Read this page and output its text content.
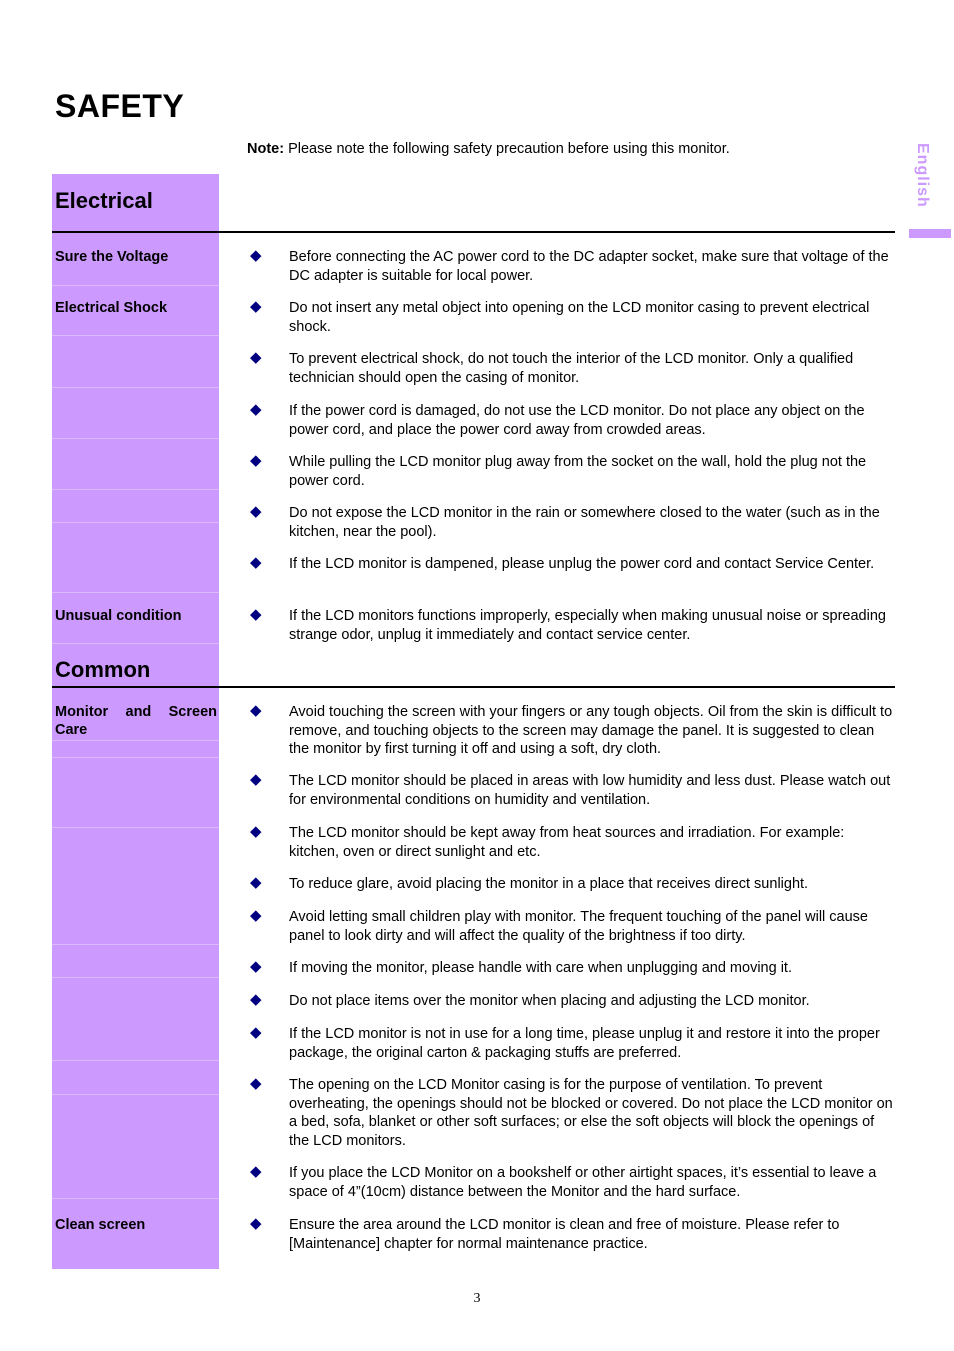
SAFETY
Note: Please note the following safety precaution before using this monitor.
Electrical
Common
Sure the Voltage
Electrical Shock
Unusual condition
Monitor and Screen Care
Clean screen
◆ Before connecting the AC power cord to the DC adapter socket, make sure that voltage of the DC adapter is suitable for local power.
◆ Do not insert any metal object into opening on the LCD monitor casing to prevent electrical shock.
◆ To prevent electrical shock, do not touch the interior of the LCD monitor. Only a qualified technician should open the casing of monitor.
◆ If the power cord is damaged, do not use the LCD monitor. Do not place any object on the power cord, and place the power cord away from crowded areas.
◆ While pulling the LCD monitor plug away from the socket on the wall, hold the plug not the power cord.
◆ Do not expose the LCD monitor in the rain or somewhere closed to the water (such as in the kitchen, near the pool).
◆ If the LCD monitor is dampened, please unplug the power cord and contact Service Center.
◆ If the LCD monitors functions improperly, especially when making unusual noise or spreading strange odor, unplug it immediately and contact service center.
◆ Avoid touching the screen with your fingers or any tough objects. Oil from the skin is difficult to remove, and touching objects to the screen may damage the panel. It is suggested to clean the monitor by first turning it off and using a soft, dry cloth.
◆ The LCD monitor should be placed in areas with low humidity and less dust. Please watch out for environmental conditions on humidity and ventilation.
◆ The LCD monitor should be kept away from heat sources and irradiation. For example: kitchen, oven or direct sunlight and etc.
◆ To reduce glare, avoid placing the monitor in a place that receives direct sunlight.
◆ Avoid letting small children play with monitor. The frequent touching of the panel will cause panel to look dirty and will affect the quality of the brightness if too dirty.
◆ If moving the monitor, please handle with care when unplugging and moving it.
◆ Do not place items over the monitor when placing and adjusting the LCD monitor.
◆ If the LCD monitor is not in use for a long time, please unplug it and restore it into the proper package, the original carton & packaging stuffs are preferred.
◆ The opening on the LCD Monitor casing is for the purpose of ventilation. To prevent overheating, the openings should not be blocked or covered. Do not place the LCD monitor on a bed, sofa, blanket or other soft surfaces; or else the soft objects will block the openings of the LCD monitors.
◆ If you place the LCD Monitor on a bookshelf or other airtight spaces, it’s essential to leave a space of 4”(10cm) distance between the Monitor and the hard surface.
◆ Ensure the area around the LCD monitor is clean and free of moisture. Please refer to [Maintenance] chapter for normal maintenance practice.
English
3
